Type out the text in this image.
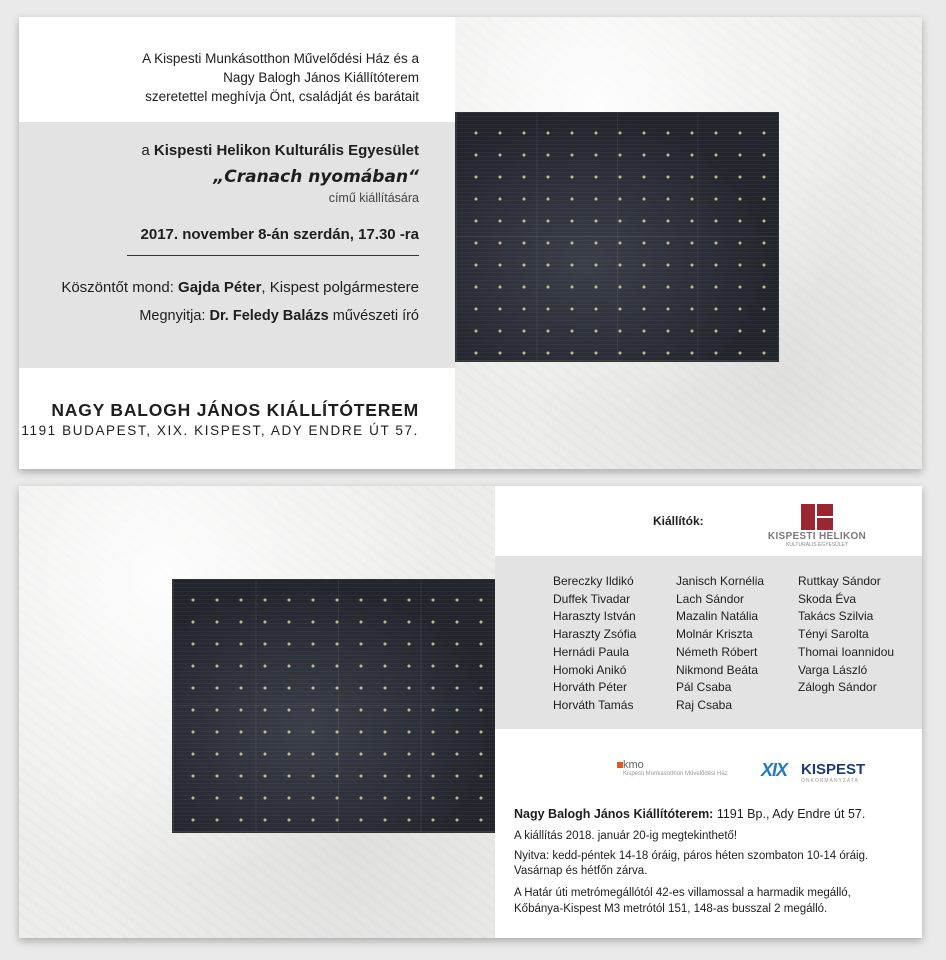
A Kispesti Munkásotthon Művelődési Ház és a
Nagy Balogh János Kiállítóterem
szeretettel meghívja Önt, családját és barátait
a Kispesti Helikon Kulturális Egyesület
„Cranach nyomában“
című kiállítására
2017. november 8-án szerdán, 17.30 -ra
Köszöntőt mond: Gajda Péter, Kispest polgármestere
Megnyitja: Dr. Feledy Balázs művészeti író
NAGY BALOGH JÁNOS KIÁLLÍTÓTEREM
1191 BUDAPEST, XIX. KISPEST, ADY ENDRE ÚT 57.
Kiállítók:
KISPESTI HELIKON
KULTURÁLIS EGYESÜLET
Bereczky Ildikó
Duffek Tivadar
Haraszty István
Haraszty Zsófia
Hernádi Paula
Homoki Anikó
Horváth Péter
Horváth Tamás
Janisch Kornélia
Lach Sándor
Mazalin Natália
Molnár Kriszta
Németh Róbert
Nikmond Beáta
Pál Csaba
Raj Csaba
Ruttkay Sándor
Skoda Éva
Takács Szilvia
Tényi Sarolta
Thomai Ioannidou
Varga László
Zálogh Sándor
kmo
Kispesti Munkásotthon Művelődési Ház XIX KISPEST
ÖNKORMÁNYZATA
Nagy Balogh János Kiállítóterem: 1191 Bp., Ady Endre út 57.
A kiállítás 2018. január 20-ig megtekinthető!
Nyitva: kedd-péntek 14-18 óráig, páros héten szombaton 10-14 óráig.
Vasárnap és hétfőn zárva.
A Határ úti metrómegállótól 42-es villamossal a harmadik megálló,
Kőbánya-Kispest M3 metrótól 151, 148-as busszal 2 megálló.
